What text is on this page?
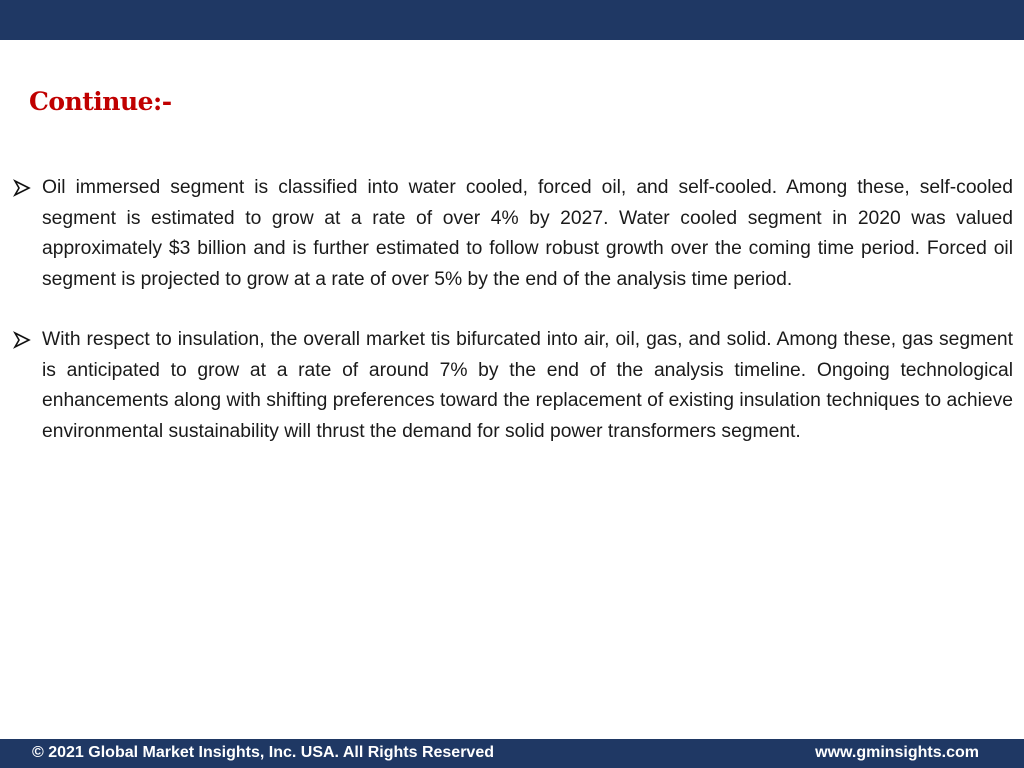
Continue:-
Oil immersed segment is classified into water cooled, forced oil, and self-cooled. Among these, self-cooled segment is estimated to grow at a rate of over 4% by 2027. Water cooled segment in 2020 was valued approximately $3 billion and is further estimated to follow robust growth over the coming time period. Forced oil segment is projected to grow at a rate of over 5% by the end of the analysis time period.
With respect to insulation, the overall market tis bifurcated into air, oil, gas, and solid. Among these, gas segment is anticipated to grow at a rate of around 7% by the end of the analysis timeline. Ongoing technological enhancements along with shifting preferences toward the replacement of existing insulation techniques to achieve environmental sustainability will thrust the demand for solid power transformers segment.
© 2021 Global Market Insights, Inc. USA. All Rights Reserved	www.gminsights.com
